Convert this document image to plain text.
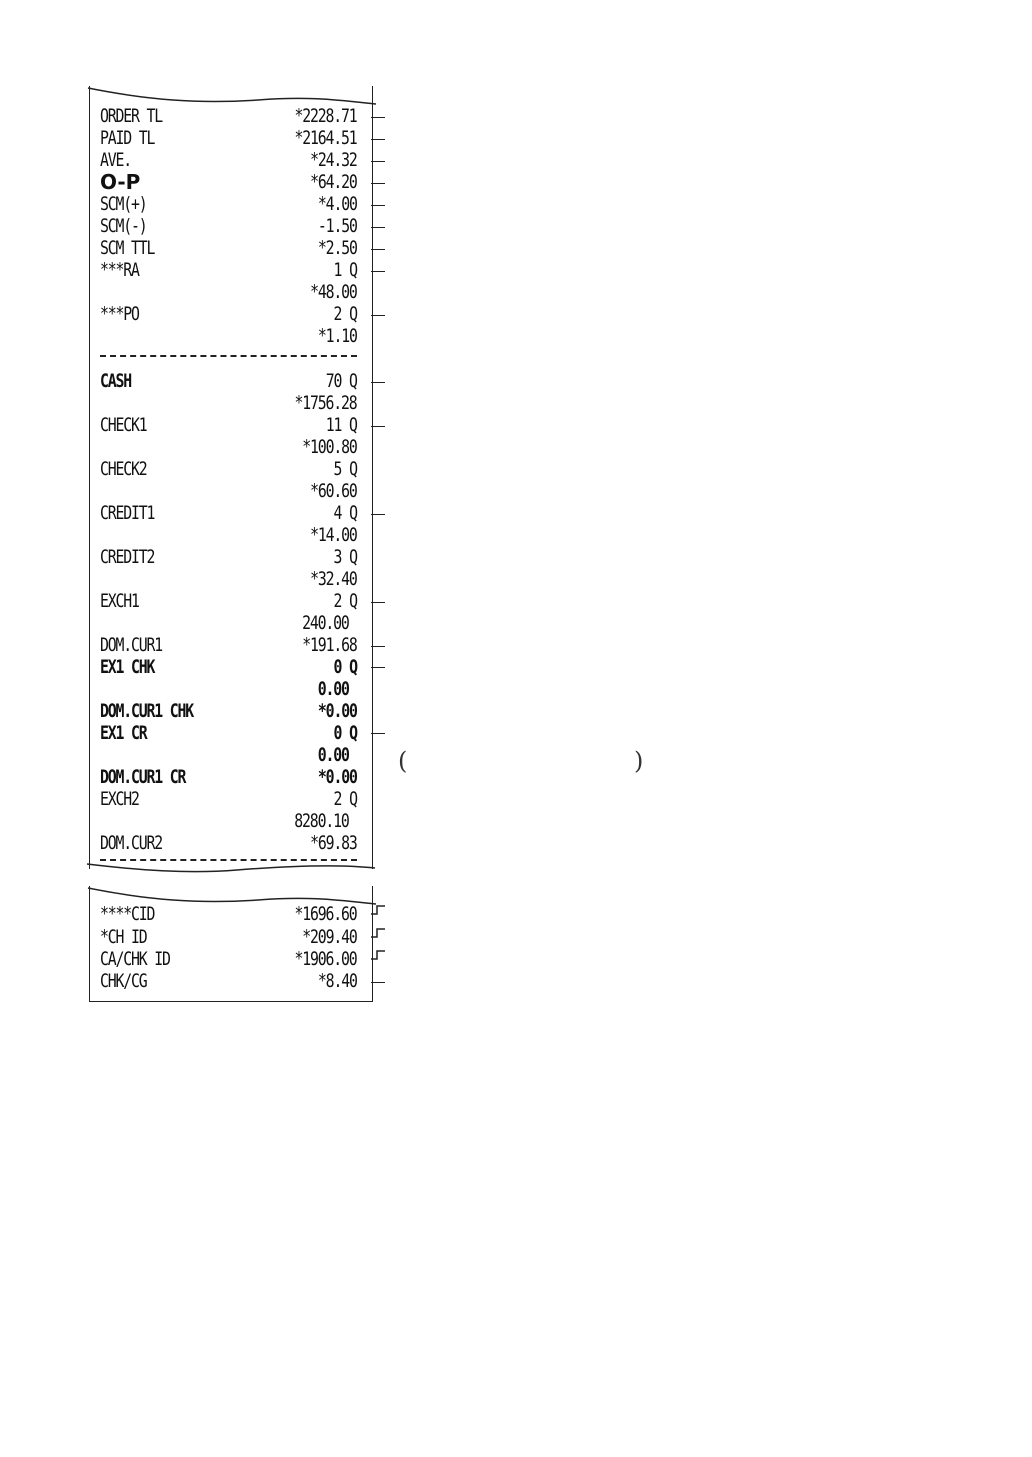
ORDER TL	*2228.71
PAID TL	*2164.51
AVE.	*24.32
O-P	*64.20
SCM(+)	*4.00
SCM(-)	-1.50
SCM TTL	*2.50
***RA	1 Q
*48.00
***PO	2 Q
*1.10
CASH	70 Q
*1756.28
CHECK1	11 Q
*100.80
CHECK2	5 Q
*60.60
CREDIT1	4 Q
*14.00
CREDIT2	3 Q
*32.40
EXCH1	2 Q
240.00
DOM.CUR1	*191.68
EX1 CHK	0 Q
0.00
DOM.CUR1 CHK	*0.00
EX1 CR	0 Q
0.00
DOM.CUR1 CR	*0.00
EXCH2	2 Q
8280.10
DOM.CUR2	*69.83
****CID	*1696.60
*CH ID	*209.40
CA/CHK ID	*1906.00
CHK/CG	*8.40
(	)
